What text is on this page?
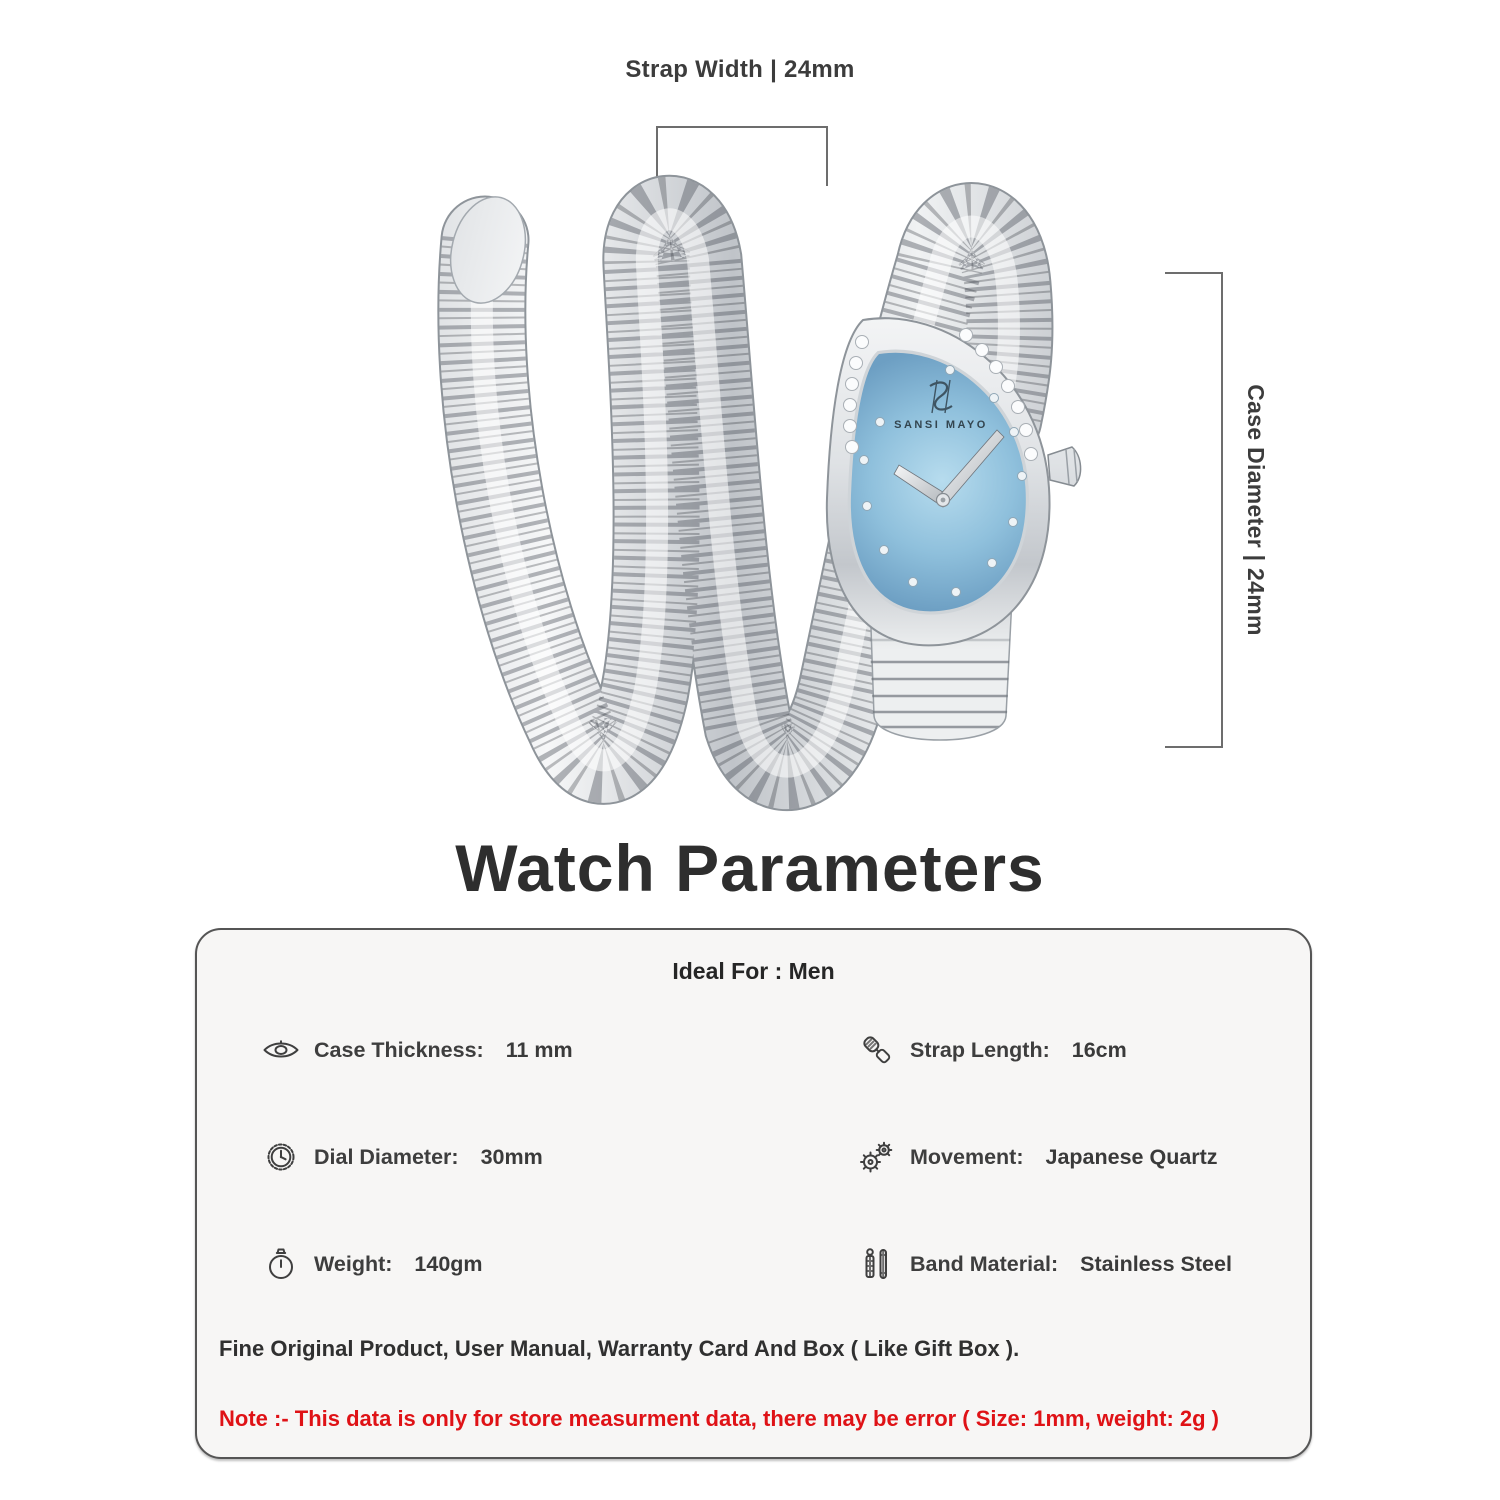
Strap Width | 24mm
Case Diameter | 24mm
SANSI MAYO
Watch Parameters
Ideal For : Men
Case Thickness: 11 mm	Strap Length: 16cm
Dial Diameter: 30mm	Movement: Japanese Quartz
Weight: 140gm	Band Material: Stainless Steel
Fine Original Product, User Manual, Warranty Card And Box ( Like Gift Box ).
Note :- This data is only for store measurment data, there may be error ( Size: 1mm, weight: 2g )
